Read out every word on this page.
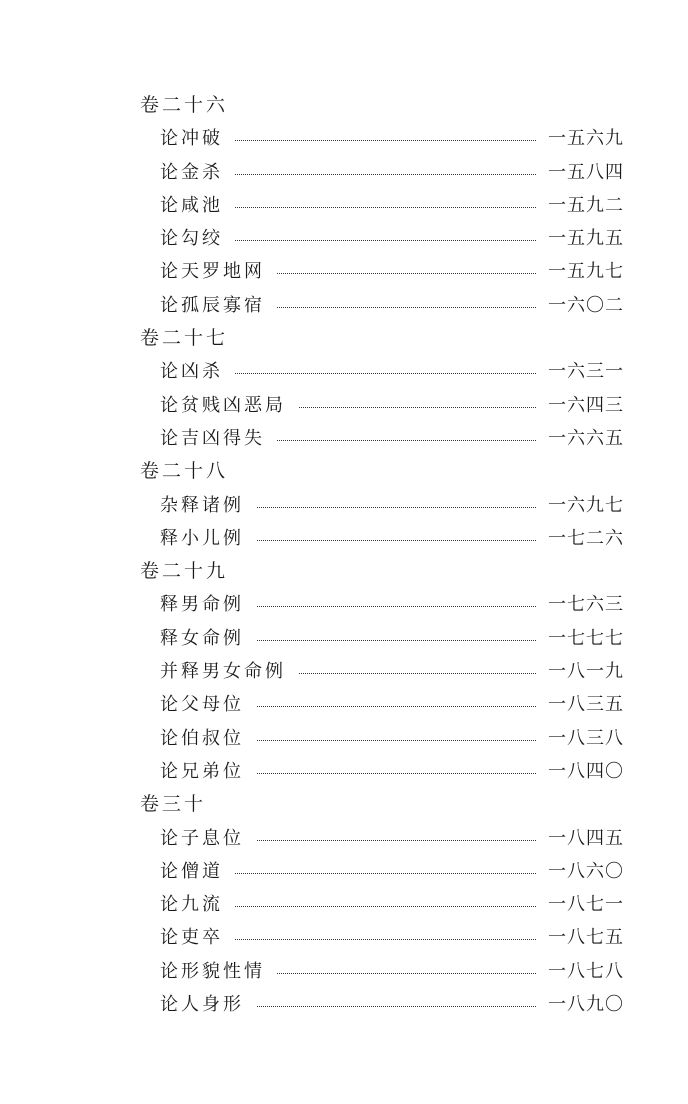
卷二十六
论冲破	一五六九
论金杀	一五八四
论咸池	一五九二
论勾绞	一五九五
论天罗地网	一五九七
论孤辰寡宿	一六〇二
卷二十七
论凶杀	一六三一
论贫贱凶恶局	一六四三
论吉凶得失	一六六五
卷二十八
杂释诸例	一六九七
释小儿例	一七二六
卷二十九
释男命例	一七六三
释女命例	一七七七
并释男女命例	一八一九
论父母位	一八三五
论伯叔位	一八三八
论兄弟位	一八四〇
卷三十
论子息位	一八四五
论僧道	一八六〇
论九流	一八七一
论吏卒	一八七五
论形貌性情	一八七八
论人身形	一八九〇
